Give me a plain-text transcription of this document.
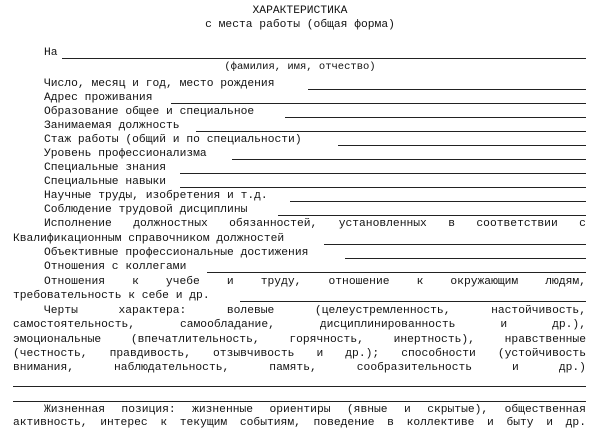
ХАРАКТЕРИСТИКА
с места работы (общая форма)
На
(фамилия, имя, отчество)
Число, месяц и год, место рождения
Адрес проживания
Образование общее и специальное
Занимаемая должность
Стаж работы (общий и по специальности)
Уровень профессионализма
Специальные знания
Специальные навыки
Научные труды, изобретения и т.д.
Соблюдение трудовой дисциплины
Исполнение должностных обязанностей, установленных в соответствии с
Квалификационным справочником должностей
Объективные профессиональные достижения
Отношения с коллегами
Отношения к учебе и труду, отношение к окружающим людям,
требовательность к себе и др.
Черты	характера:	волевые	(целеустремленность,	настойчивость,
самостоятельность,	самообладание,	дисциплинированность	и	др.),
эмоциональные	(впечатлительность,	горячность,	инертность),	нравственные
(честность, правдивость, отзывчивость и др.); способности (устойчивость
внимания,	наблюдательность,	память,	сообразительность	и	др.)
Жизненная позиция: жизненные ориентиры (явные и скрытые), общественная
активность, интерес к текущим событиям, поведение в коллективе и быту и др.
